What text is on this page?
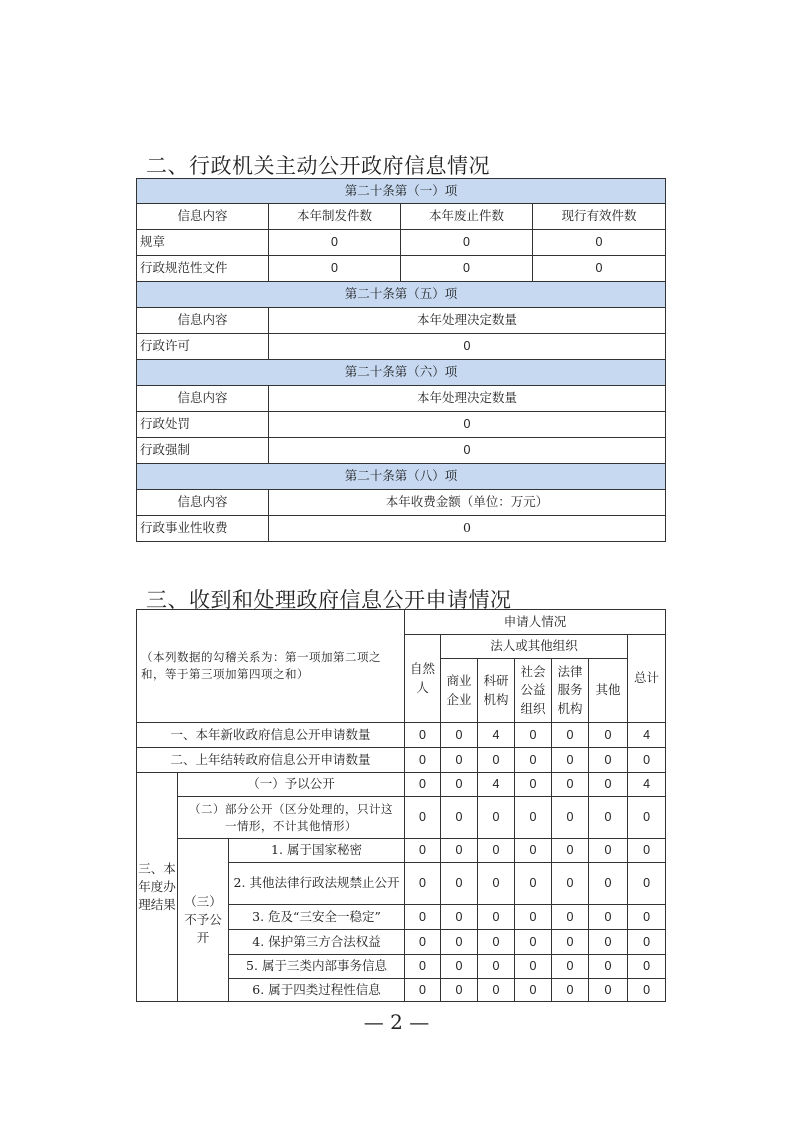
二、行政机关主动公开政府信息情况
第二十条第（一）项			
信息内容	本年制发件数	本年废止件数	现行有效件数
规章	0	0	0
行政规范性文件	0	0	0
第二十条第（五）项			
信息内容	本年处理决定数量		
行政许可	0		
第二十条第（六）项			
信息内容	本年处理决定数量		
行政处罚	0		
行政强制	0		
第二十条第（八）项			
信息内容	本年收费金额（单位：万元）		
行政事业性收费	0		
三、收到和处理政府信息公开申请情况
（本列数据的勾稽关系为：第一项加第二项之和，等于第三项加第四项之和）			申请人情况						
			自然人	法人或其他组织					总计
				商业企业	科研机构	社会公益组织	法律服务机构	其他	
一、本年新收政府信息公开申请数量			0	0	4	0	0	0	4
二、上年结转政府信息公开申请数量			0	0	0	0	0	0	0
三、本年度办理结果	（一）予以公开		0	0	4	0	0	0	4
	（二）部分公开（区分处理的，只计这一情形，不计其他情形）		0	0	0	0	0	0	0
	（三）不予公开	1. 属于国家秘密	0	0	0	0	0	0	0
		2. 其他法律行政法规禁止公开	0	0	0	0	0	0	0
		3. 危及“三安全一稳定”	0	0	0	0	0	0	0
		4. 保护第三方合法权益	0	0	0	0	0	0	0
		5. 属于三类内部事务信息	0	0	0	0	0	0	0
		6. 属于四类过程性信息	0	0	0	0	0	0	0
— 2 —
